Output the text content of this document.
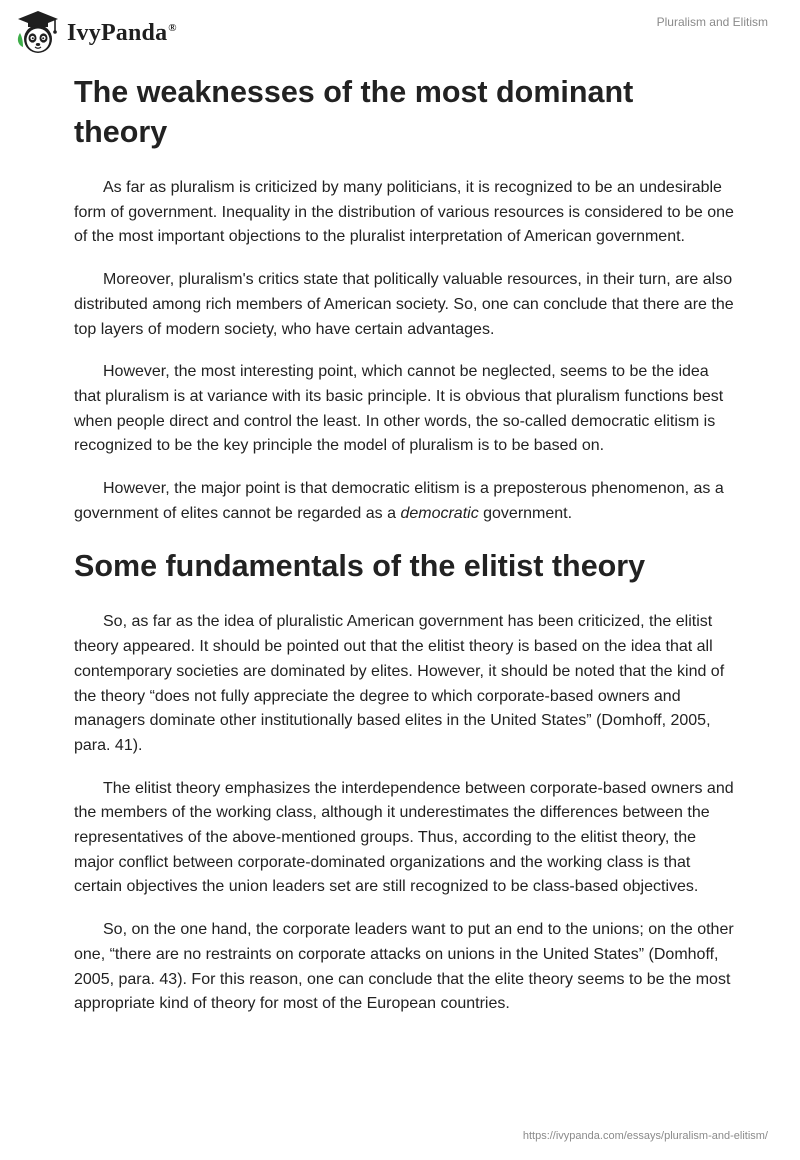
IvyPanda®	Pluralism and Elitism
The weaknesses of the most dominant theory

As far as pluralism is criticized by many politicians, it is recognized to be an undesirable form of government. Inequality in the distribution of various resources is considered to be one of the most important objections to the pluralist interpretation of American government.

Moreover, pluralism's critics state that politically valuable resources, in their turn, are also distributed among rich members of American society. So, one can conclude that there are the top layers of modern society, who have certain advantages.

However, the most interesting point, which cannot be neglected, seems to be the idea that pluralism is at variance with its basic principle. It is obvious that pluralism functions best when people direct and control the least. In other words, the so-called democratic elitism is recognized to be the key principle the model of pluralism is to be based on.

However, the major point is that democratic elitism is a preposterous phenomenon, as a government of elites cannot be regarded as a democratic government.

Some fundamentals of the elitist theory

So, as far as the idea of pluralistic American government has been criticized, the elitist theory appeared. It should be pointed out that the elitist theory is based on the idea that all contemporary societies are dominated by elites. However, it should be noted that the kind of the theory “does not fully appreciate the degree to which corporate-based owners and managers dominate other institutionally based elites in the United States” (Domhoff, 2005, para. 41).

The elitist theory emphasizes the interdependence between corporate-based owners and the members of the working class, although it underestimates the differences between the representatives of the above-mentioned groups. Thus, according to the elitist theory, the major conflict between corporate-dominated organizations and the working class is that certain objectives the union leaders set are still recognized to be class-based objectives.

So, on the one hand, the corporate leaders want to put an end to the unions; on the other one, “there are no restraints on corporate attacks on unions in the United States” (Domhoff, 2005, para. 43). For this reason, one can conclude that the elite theory seems to be the most appropriate kind of theory for most of the European countries.

https://ivypanda.com/essays/pluralism-and-elitism/
